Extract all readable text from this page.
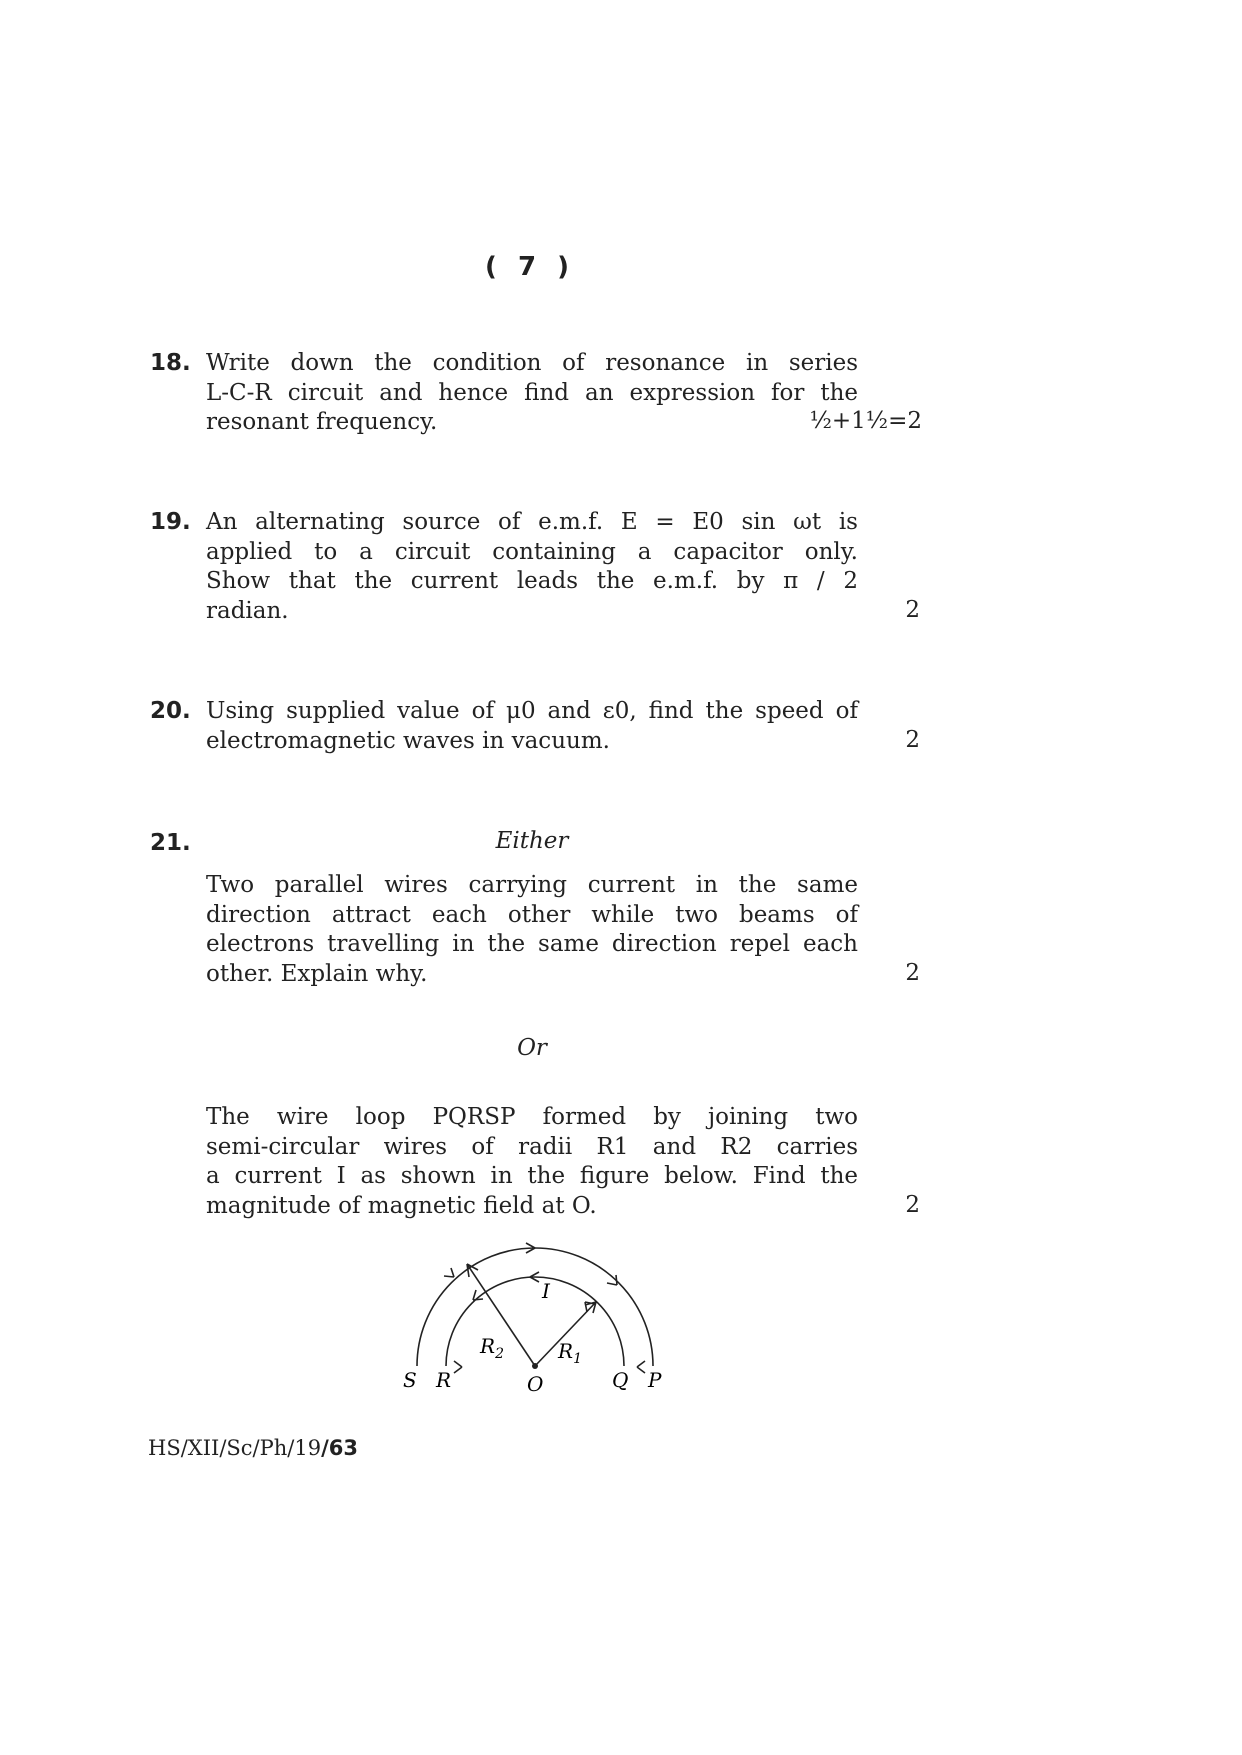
( 7 )
18. Write down the condition of resonance in series
L-C-R circuit and hence find an expression for the
resonant frequency.	½+1½=2
19. An alternating source of e.m.f. E = E0 sin ωt is
applied to a circuit containing a capacitor only.
Show that the current leads the e.m.f. by π / 2
radian.	2
20. Using supplied value of μ0 and ε0, find the speed of
electromagnetic waves in vacuum.	2
21.	Either
Two parallel wires carrying current in the same
direction attract each other while two beams of
electrons travelling in the same direction repel each
other. Explain why.	2
Or
The wire loop PQRSP formed by joining two
semi-circular wires of radii R1 and R2 carries
a current I as shown in the figure below. Find the
magnitude of magnetic field at O.	2
S R	O	Q P
I
$R_2$	$R_1$
HS/XII/Sc/Ph/19/63
